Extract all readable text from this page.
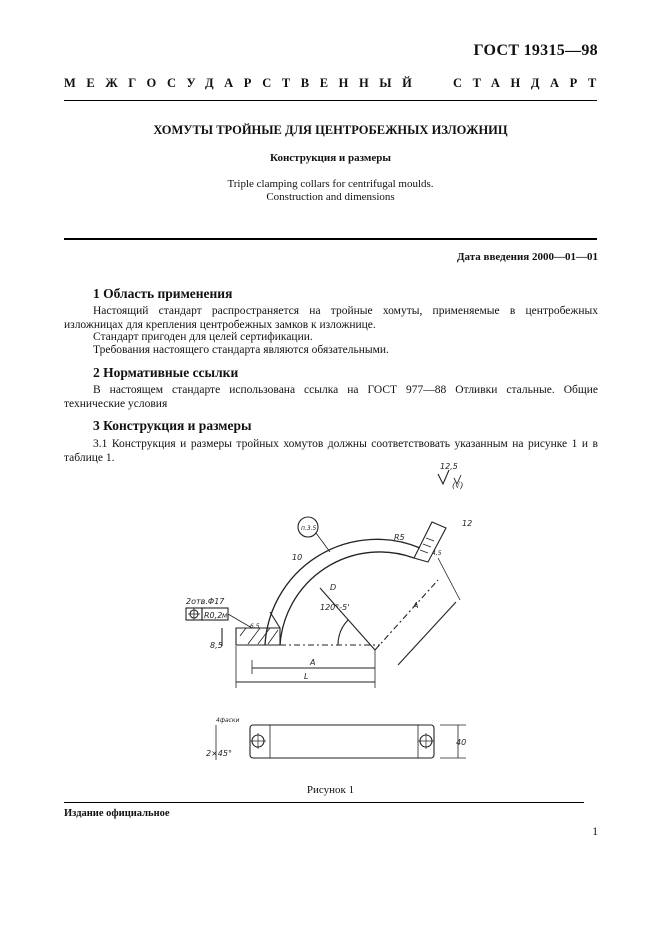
ГОСТ 19315—98
МЕЖГОСУДАРСТВЕННЫЙ СТАНДАРТ
ХОМУТЫ ТРОЙНЫЕ ДЛЯ ЦЕНТРОБЕЖНЫХ ИЗЛОЖНИЦ
Конструкция и размеры
Triple clamping collars for centrifugal moulds.
Construction and dimensions
Дата введения 2000—01—01
1 Область применения
Настоящий стандарт распространяется на тройные хомуты, применяемые в центробежных изложницах для крепления центробежных замков к изложнице.
Стандарт пригоден для целей сертификации.
Требования настоящего стандарта являются обязательными.
2 Нормативные ссылки
В настоящем стандарте использована ссылка на ГОСТ 977—88 Отливки стальные. Общие технические условия
3 Конструкция и размеры
3.1 Конструкция и размеры тройных хомутов должны соответствовать указанным на рисунке 1 и в таблице 1.
12,5
(√)
2отв.Φ17
R0,2 M
п.3.5
10
D
120°-5'	A
A
R5
12
4,5
6,5
8,5
L
2×45°
4фаски
40
Рисунок 1
Издание официальное
1
